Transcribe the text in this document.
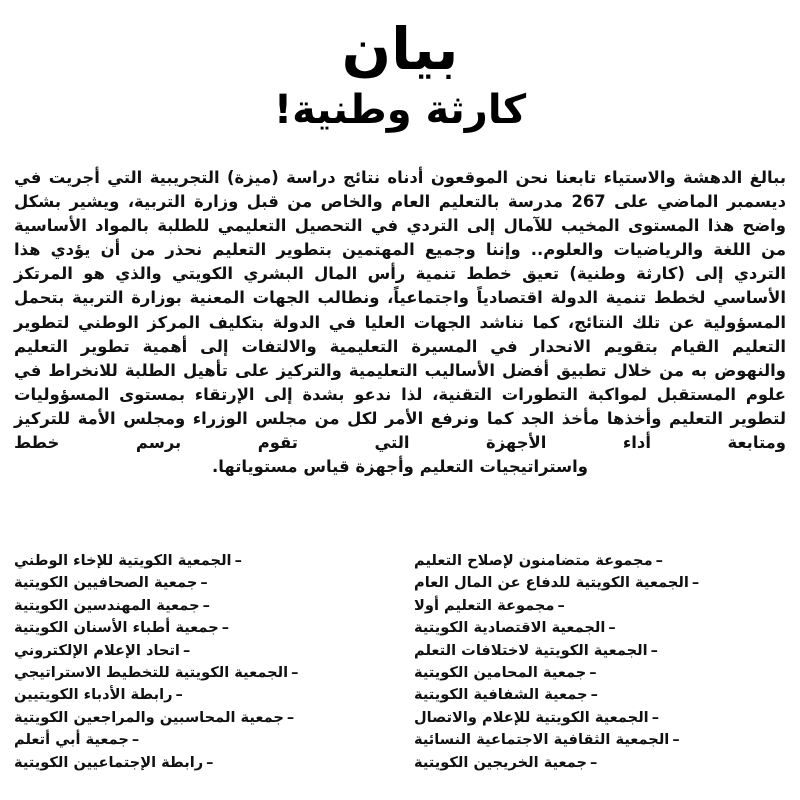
بيان
كارثة وطنية!

ببالغ الدهشة والاستياء تابعنا نحن الموقعون أدناه نتائج دراسة (ميزة) التجريبية التي أجريت في ديسمبر الماضي على 267 مدرسة بالتعليم العام والخاص من قبل وزارة التربية، ويشير بشكل واضح هذا المستوى المخيب للآمال إلى التردي في التحصيل التعليمي للطلبة بالمواد الأساسية من اللغة والرياضيات والعلوم.. وإننا وجميع المهتمين بتطوير التعليم نحذر من أن يؤدي هذا التردي إلى (كارثة وطنية) تعيق خطط تنمية رأس المال البشري الكويتي والذي هو المرتكز الأساسي لخطط تنمية الدولة اقتصادياً واجتماعياً، ونطالب الجهات المعنية بوزارة التربية بتحمل المسؤولية عن تلك النتائج، كما نناشد الجهات العليا في الدولة بتكليف المركز الوطني لتطوير التعليم القيام بتقويم الانحدار في المسيرة التعليمية والالتفات إلى أهمية تطوير التعليم والنهوض به من خلال تطبيق أفضل الأساليب التعليمية والتركيز على تأهيل الطلبة للانخراط في علوم المستقبل لمواكبة التطورات التقنية، لذا ندعو بشدة إلى الإرتقاء بمستوى المسؤوليات لتطوير التعليم وأخذها مأخذ الجد كما ونرفع الأمر لكل من مجلس الوزراء ومجلس الأمة للتركيز ومتابعة أداء الأجهزة التي تقوم برسم خطط

واستراتيجيات التعليم وأجهزة قياس مستوياتها.

–مجموعة متضامنون لإصلاح التعليم
–الجمعية الكويتية للدفاع عن المال العام
–مجموعة التعليم أولا
–الجمعية الاقتصادية الكويتية
–الجمعية الكويتية لاختلافات التعلم
–جمعية المحامين الكويتية
–جمعية الشفافية الكويتية
–الجمعية الكويتية للإعلام والاتصال
–الجمعية الثقافية الاجتماعية النسائية
–جمعية الخريجين الكويتية
–الجمعية الكويتية للإخاء الوطني
–جمعية الصحافيين الكويتية
–جمعية المهندسين الكويتية
–جمعية أطباء الأسنان الكويتية
–اتحاد الإعلام الإلكتروني
–الجمعية الكويتية للتخطيط الاستراتيجي
–رابطة الأدباء الكويتيين
–جمعية المحاسبين والمراجعين الكويتية
–جمعية أبي أتعلم
–رابطة الإجتماعيين الكويتية
